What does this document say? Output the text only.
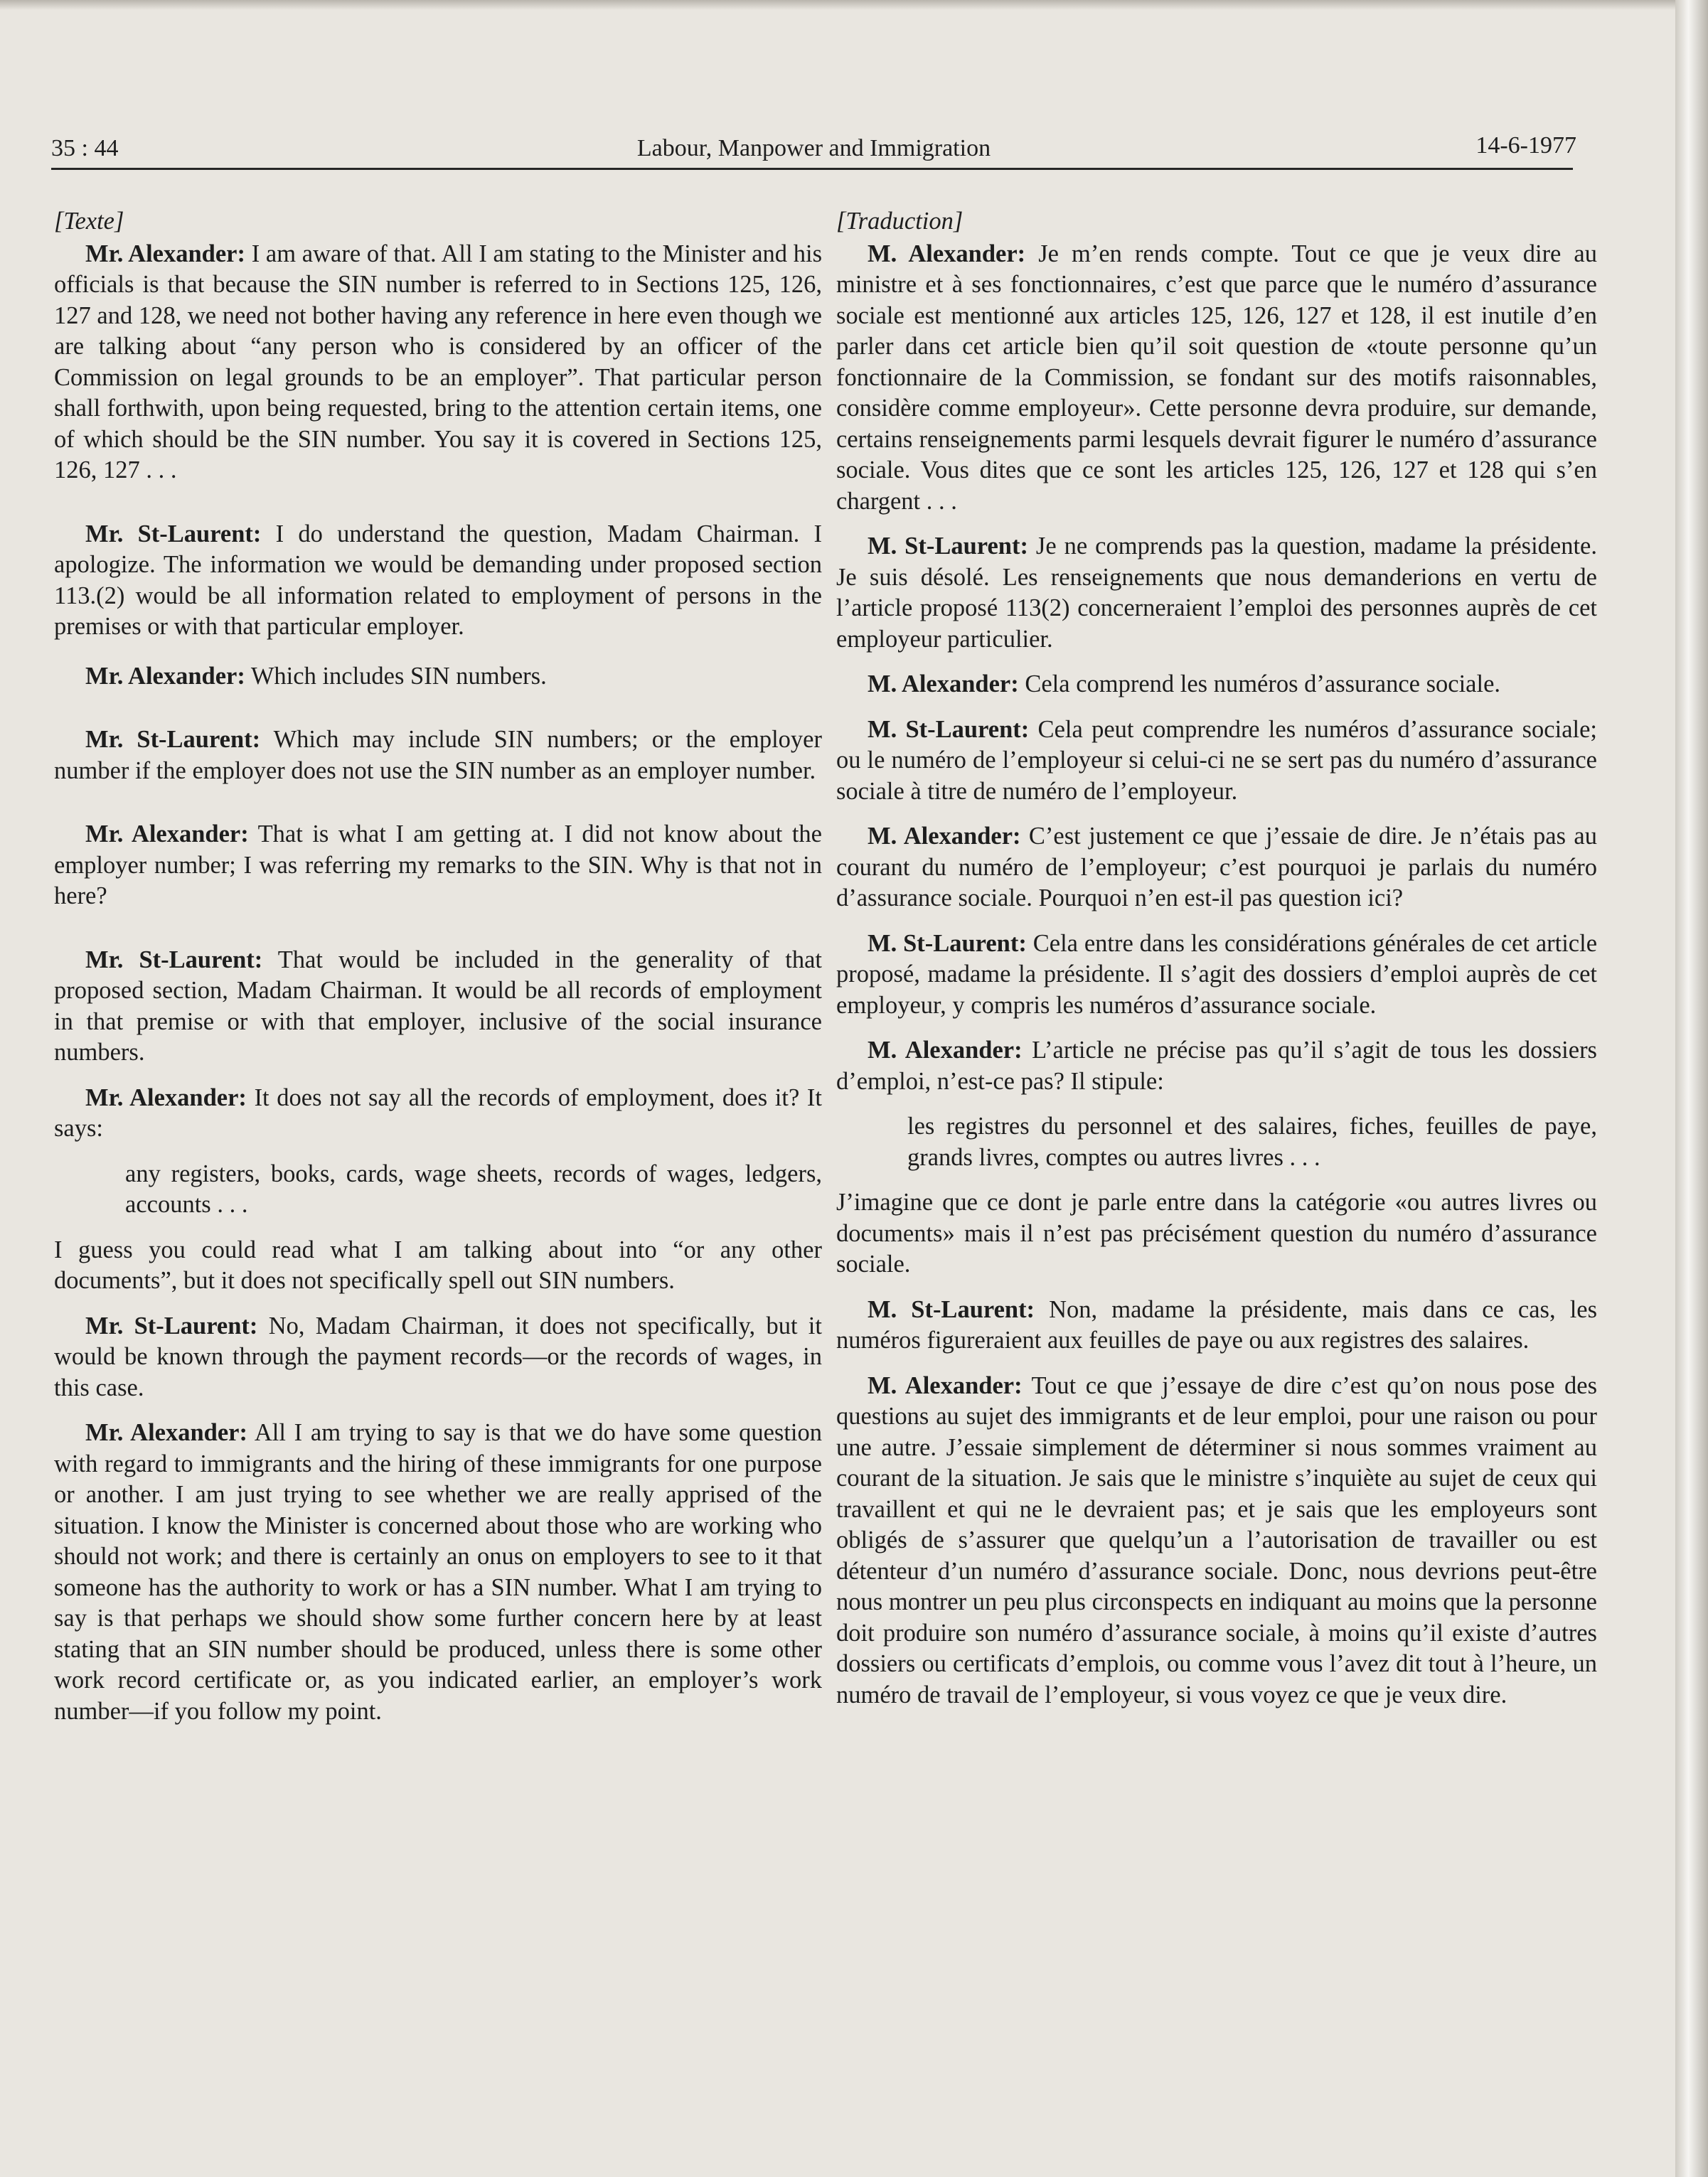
35 : 44	Labour, Manpower and Immigration	14-6-1977
[Texte]

Mr. Alexander: I am aware of that. All I am stating to the Minister and his officials is that because the SIN number is referred to in Sections 125, 126, 127 and 128, we need not bother having any reference in here even though we are talking about “any person who is considered by an officer of the Commission on legal grounds to be an employer”. That particular person shall forthwith, upon being requested, bring to the attention certain items, one of which should be the SIN number. You say it is covered in Sections 125, 126, 127 . . .

Mr. St-Laurent: I do understand the question, Madam Chairman. I apologize. The information we would be demanding under proposed section 113.(2) would be all information related to employment of persons in the premises or with that particular employer.

Mr. Alexander: Which includes SIN numbers.

Mr. St-Laurent: Which may include SIN numbers; or the employer number if the employer does not use the SIN number as an employer number.

Mr. Alexander: That is what I am getting at. I did not know about the employer number; I was referring my remarks to the SIN. Why is that not in here?

Mr. St-Laurent: That would be included in the generality of that proposed section, Madam Chairman. It would be all records of employment in that premise or with that employer, inclusive of the social insurance numbers.

Mr. Alexander: It does not say all the records of employment, does it? It says:

any registers, books, cards, wage sheets, records of wages, ledgers, accounts . . .

I guess you could read what I am talking about into “or any other documents”, but it does not specifically spell out SIN numbers.

Mr. St-Laurent: No, Madam Chairman, it does not specifically, but it would be known through the payment records—or the records of wages, in this case.

Mr. Alexander: All I am trying to say is that we do have some question with regard to immigrants and the hiring of these immigrants for one purpose or another. I am just trying to see whether we are really apprised of the situation. I know the Minister is concerned about those who are working who should not work; and there is certainly an onus on employers to see to it that someone has the authority to work or has a SIN number. What I am trying to say is that perhaps we should show some further concern here by at least stating that an SIN number should be produced, unless there is some other work record certificate or, as you indicated earlier, an employer’s work number—if you follow my point.

[Traduction]

M. Alexander: Je m’en rends compte. Tout ce que je veux dire au ministre et à ses fonctionnaires, c’est que parce que le numéro d’assurance sociale est mentionné aux articles 125, 126, 127 et 128, il est inutile d’en parler dans cet article bien qu’il soit question de «toute personne qu’un fonctionnaire de la Commission, se fondant sur des motifs raisonnables, considère comme employeur». Cette personne devra produire, sur demande, certains renseignements parmi lesquels devrait figurer le numéro d’assurance sociale. Vous dites que ce sont les articles 125, 126, 127 et 128 qui s’en chargent . . .

M. St-Laurent: Je ne comprends pas la question, madame la présidente. Je suis désolé. Les renseignements que nous demanderions en vertu de l’article proposé 113(2) concerneraient l’emploi des personnes auprès de cet employeur particulier.

M. Alexander: Cela comprend les numéros d’assurance sociale.

M. St-Laurent: Cela peut comprendre les numéros d’assurance sociale; ou le numéro de l’employeur si celui-ci ne se sert pas du numéro d’assurance sociale à titre de numéro de l’employeur.

M. Alexander: C’est justement ce que j’essaie de dire. Je n’étais pas au courant du numéro de l’employeur; c’est pourquoi je parlais du numéro d’assurance sociale. Pourquoi n’en est-il pas question ici?

M. St-Laurent: Cela entre dans les considérations générales de cet article proposé, madame la présidente. Il s’agit des dossiers d’emploi auprès de cet employeur, y compris les numéros d’assurance sociale.

M. Alexander: L’article ne précise pas qu’il s’agit de tous les dossiers d’emploi, n’est-ce pas? Il stipule:

les registres du personnel et des salaires, fiches, feuilles de paye, grands livres, comptes ou autres livres . . .

J’imagine que ce dont je parle entre dans la catégorie «ou autres livres ou documents» mais il n’est pas précisément question du numéro d’assurance sociale.

M. St-Laurent: Non, madame la présidente, mais dans ce cas, les numéros figureraient aux feuilles de paye ou aux registres des salaires.

M. Alexander: Tout ce que j’essaye de dire c’est qu’on nous pose des questions au sujet des immigrants et de leur emploi, pour une raison ou pour une autre. J’essaie simplement de déterminer si nous sommes vraiment au courant de la situation. Je sais que le ministre s’inquiète au sujet de ceux qui travaillent et qui ne le devraient pas; et je sais que les employeurs sont obligés de s’assurer que quelqu’un a l’autorisation de travailler ou est détenteur d’un numéro d’assurance sociale. Donc, nous devrions peut-être nous montrer un peu plus circonspects en indiquant au moins que la personne doit produire son numéro d’assurance sociale, à moins qu’il existe d’autres dossiers ou certificats d’emplois, ou comme vous l’avez dit tout à l’heure, un numéro de travail de l’employeur, si vous voyez ce que je veux dire.
